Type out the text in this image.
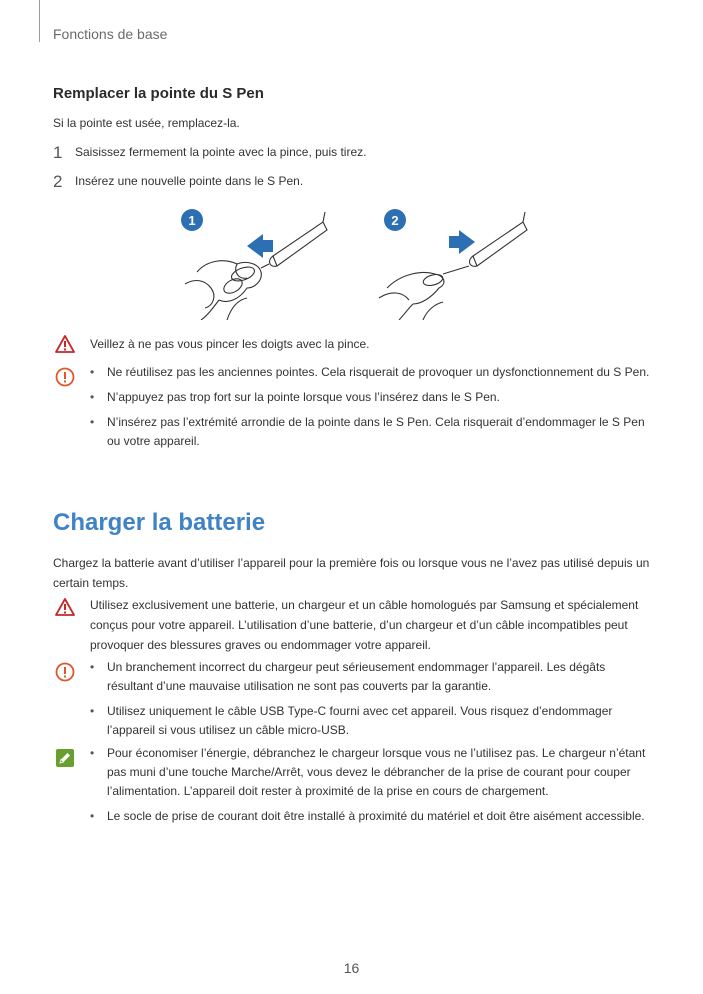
Fonctions de base
Remplacer la pointe du S Pen
Si la pointe est usée, remplacez-la.
1 Saisissez fermement la pointe avec la pince, puis tirez.
2 Insérez une nouvelle pointe dans le S Pen.
1	2
Veillez à ne pas vous pincer les doigts avec la pince.
• Ne réutilisez pas les anciennes pointes. Cela risquerait de provoquer un dysfonctionnement du S Pen.
• N’appuyez pas trop fort sur la pointe lorsque vous l’insérez dans le S Pen.
• N’insérez pas l’extrémité arrondie de la pointe dans le S Pen. Cela risquerait d’endommager le S Pen ou votre appareil.
Charger la batterie
Chargez la batterie avant d’utiliser l’appareil pour la première fois ou lorsque vous ne l’avez pas utilisé depuis un certain temps.
Utilisez exclusivement une batterie, un chargeur et un câble homologués par Samsung et spécialement conçus pour votre appareil. L’utilisation d’une batterie, d’un chargeur et d’un câble incompatibles peut provoquer des blessures graves ou endommager votre appareil.
• Un branchement incorrect du chargeur peut sérieusement endommager l’appareil. Les dégâts résultant d’une mauvaise utilisation ne sont pas couverts par la garantie.
• Utilisez uniquement le câble USB Type-C fourni avec cet appareil. Vous risquez d’endommager l’appareil si vous utilisez un câble micro-USB.
• Pour économiser l’énergie, débranchez le chargeur lorsque vous ne l’utilisez pas. Le chargeur n’étant pas muni d’une touche Marche/Arrêt, vous devez le débrancher de la prise de courant pour couper l’alimentation. L’appareil doit rester à proximité de la prise en cours de chargement.
• Le socle de prise de courant doit être installé à proximité du matériel et doit être aisément accessible.
16
